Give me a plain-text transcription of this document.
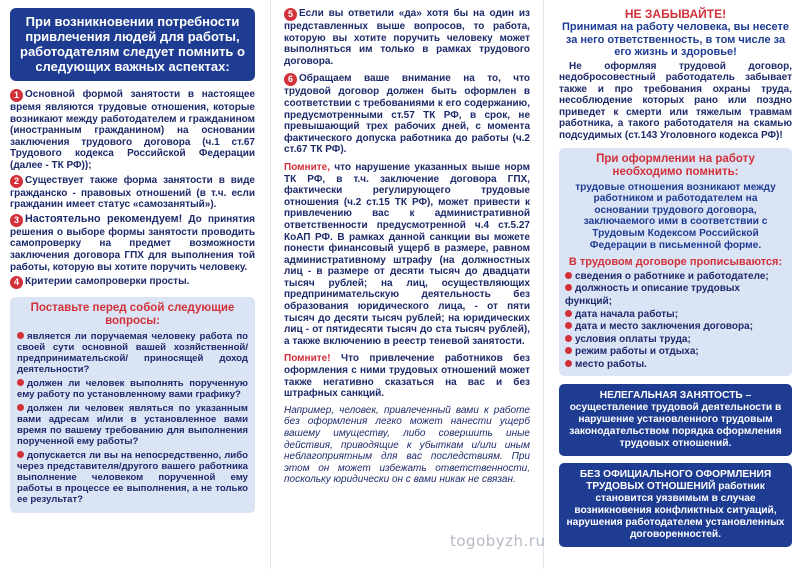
При возникновении потребности привлечения людей для работы, работодателям следует помнить о следующих важных аспектах:
1 Основной формой занятости в настоящее время являются трудовые отношения, которые возникают между работодателем и гражданином (иностранным гражданином) на основании заключения трудового договора (ч.1 ст.67 Трудового кодекса Российской Федерации (далее - ТК РФ));
2 Существует также форма занятости в виде гражданско - правовых отношений (в т.ч. если гражданин имеет статус «самозанятый»).
3 Настоятельно рекомендуем! До принятия решения о выборе формы занятости проводить самопроверку на предмет возможности заключения договора ГПХ для выполнения той работы, которую вы хотите поручить человеку.
4 Критерии самопроверки просты.
Поставьте перед собой следующие вопросы:
является ли поручаемая человеку работа по своей сути основной вашей хозяйственной/предпринимательской/ приносящей доход деятельности?
должен ли человек выполнять порученную ему работу по установленному вами графику?
должен ли человек являться по указанным вами адресам и/или в установленное вами время по вашему требованию для выполнения порученной ему работы?
допускается ли вы на непосредственно, либо через представителя/другого вашего работника выполнение человеком порученной ему работы в процессе ее выполнения, а не только ее результат?
5 Если вы ответили «да» хотя бы на один из представленных выше вопросов, то работа, которую вы хотите поручить человеку может выполняться им только в рамках трудового договора.
6 Обращаем ваше внимание на то, что трудовой договор должен быть оформлен в соответствии с требованиями к его содержанию, предусмотренными ст.57 ТК РФ, в срок, не превышающий трех рабочих дней, с момента фактического допуска работника до работы (ч.2 ст.67 ТК РФ).
Помните, что нарушение указанных выше норм ТК РФ, в т.ч. заключение договора ГПХ, фактически регулирующего трудовые отношения (ч.2 ст.15 ТК РФ), может привести к привлечению вас к административной ответственности предусмотренной ч.4 ст.5.27 КоАП РФ. В рамках данной санкции вы можете понести финансовый ущерб в размере, равном административному штрафу (на должностных лиц - в размере от десяти тысяч до двадцати тысяч рублей; на лиц, осуществляющих предпринимательскую деятельность без образования юридического лица, - от пяти тысяч до десяти тысяч рублей; на юридических лиц - от пятидесяти тысяч до ста тысяч рублей), а также включению в реестр теневой занятости.
Помните! Что привлечение работников без оформления с ними трудовых отношений может также негативно сказаться на вас и без штрафных санкций.
Например, человек, привлеченный вами к работе без оформления легко может нанести ущерб вашему имуществу, либо совершить иные действия, приводящие к убыткам и/или иным неблагоприятным для вас последствиям. При этом он может избежать ответственности, поскольку юридически он с вами никак не связан.
НЕ ЗАБЫВАЙТЕ!
Принимая на работу человека, вы несете за него ответственность, в том числе за его жизнь и здоровье!
Не оформляя трудовой договор, недобросовестный работодатель забывает также и про требования охраны труда, несоблюдение которых рано или поздно приведет к смерти или тяжелым травмам работника, а такого работодателя на скамью подсудимых (ст.143 Уголовного кодекса РФ)!
При оформлении на работу необходимо помнить:
трудовые отношения возникают между работником и работодателем на основании трудового договора, заключаемого ими в соответствии с Трудовым Кодексом Российской Федерации в письменной форме.
В трудовом договоре прописываются:
сведения о работнике и работодателе;
должность и описание трудовых функций;
дата начала работы;
дата и место заключения договора;
условия оплаты труда;
режим работы и отдыха;
место работы.
НЕЛЕГАЛЬНАЯ ЗАНЯТОСТЬ – осуществление трудовой деятельности в нарушение установленного трудовым законодательством порядка оформления трудовых отношений.
БЕЗ ОФИЦИАЛЬНОГО ОФОРМЛЕНИЯ ТРУДОВЫХ ОТНОШЕНИЙ работник становится уязвимым в случае возникновения конфликтных ситуаций, нарушения работодателем установленных договоренностей.
togobyzh.ru
